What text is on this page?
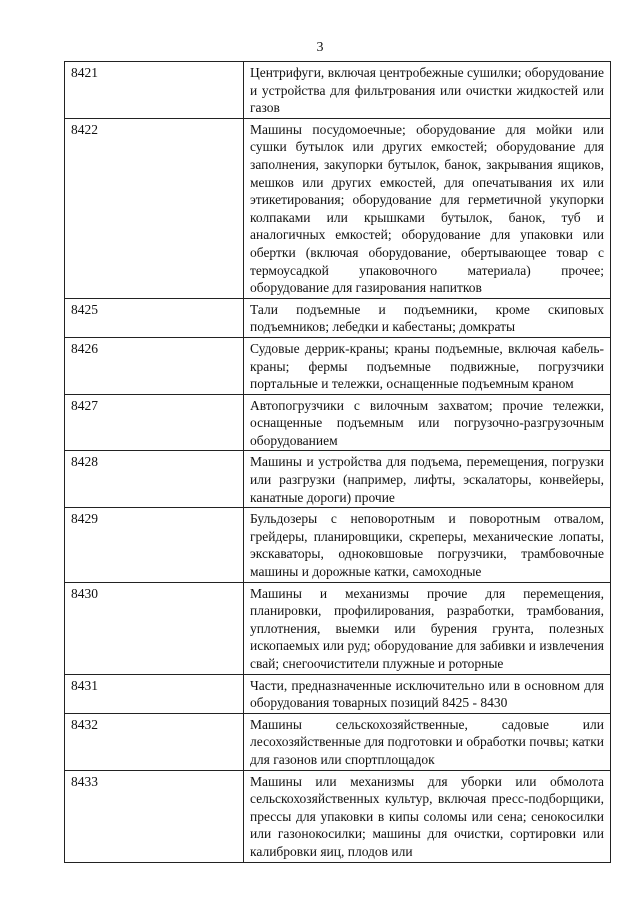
3
8421	Центрифуги, включая центробежные сушилки; оборудование и устройства для фильтрования или очистки жидкостей или газов
8422	Машины посудомоечные; оборудование для мойки или сушки бутылок или других емкостей; оборудование для заполнения, закупорки бутылок, банок, закрывания ящиков, мешков или других емкостей, для опечатывания их или этикетирования; оборудование для герметичной укупорки колпаками или крышками бутылок, банок, туб и аналогичных емкостей; оборудование для упаковки или обертки (включая оборудование, обертывающее товар с термоусадкой упаковочного материала) прочее; оборудование для газирования напитков
8425	Тали подъемные и подъемники, кроме скиповых подъемников; лебедки и кабестаны; домкраты
8426	Судовые деррик-краны; краны подъемные, включая кабель- краны; фермы подъемные подвижные, погрузчики портальные и тележки, оснащенные подъемным краном
8427	Автопогрузчики с вилочным захватом; прочие тележки, оснащенные подъемным или погрузочно-разгрузочным оборудованием
8428	Машины и устройства для подъема, перемещения, погрузки или разгрузки (например, лифты, эскалаторы, конвейеры, канатные дороги) прочие
8429	Бульдозеры с неповоротным и поворотным отвалом, грейдеры, планировщики, скреперы, механические лопаты, экскаваторы, одноковшовые погрузчики, трамбовочные машины и дорожные катки, самоходные
8430	Машины и механизмы прочие для перемещения, планировки, профилирования, разработки, трамбования, уплотнения, выемки или бурения грунта, полезных ископаемых или руд; оборудование для забивки и извлечения свай; снегоочистители плужные и роторные
8431	Части, предназначенные исключительно или в основном для оборудования товарных позиций 8425 - 8430
8432	Машины сельскохозяйственные, садовые или лесохозяйственные для подготовки и обработки почвы; катки для газонов или спортплощадок
8433	Машины или механизмы для уборки или обмолота сельскохозяйственных культур, включая пресс-подборщики, прессы для упаковки в кипы соломы или сена; сенокосилки или газонокосилки; машины для очистки, сортировки или калибровки яиц, плодов или
